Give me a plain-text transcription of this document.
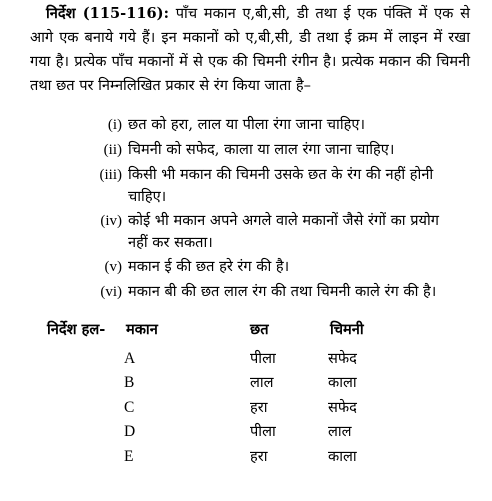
निर्देश (115-116): पाँच मकान ए,बी,सी, डी तथा ई एक पंक्ति में एक से आगे एक बनाये गये हैं। इन मकानों को ए,बी,सी, डी तथा ई क्रम में लाइन में रखा गया है। प्रत्येक पाँच मकानों में से एक की चिमनी रंगीन है। प्रत्येक मकान की चिमनी तथा छत पर निम्नलिखित प्रकार से रंग किया जाता है–
(i) छत को हरा, लाल या पीला रंगा जाना चाहिए।
(ii) चिमनी को सफेद, काला या लाल रंगा जाना चाहिए।
(iii) किसी भी मकान की चिमनी उसके छत के रंग की नहीं होनी चाहिए।
(iv) कोई भी मकान अपने अगले वाले मकानों जैसे रंगों का प्रयोग नहीं कर सकता।
(v) मकान ई की छत हरे रंग की है।
(vi) मकान बी की छत लाल रंग की तथा चिमनी काले रंग की है।
निर्देश हल- मकान	छत	चिमनी
A	पीला	सफेद
B	लाल	काला
C	हरा	सफेद
D	पीला	लाल
E	हरा	काला
